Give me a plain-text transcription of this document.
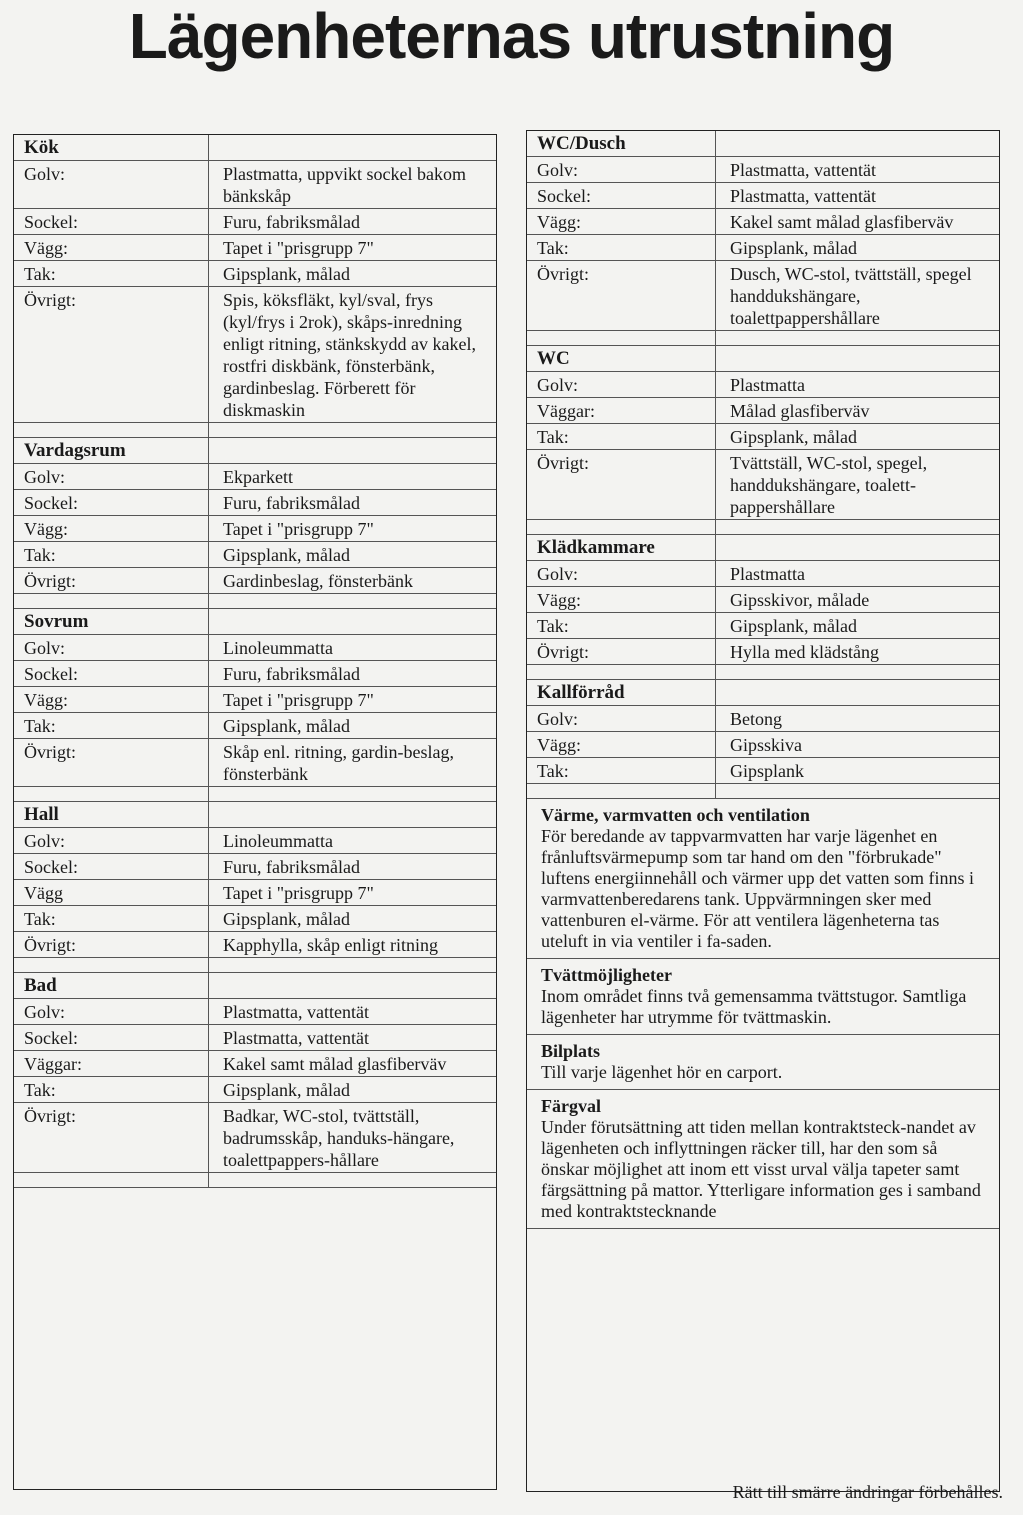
Lägenheternas utrustning
Kök	
Golv:	Plastmatta, uppvikt sockel bakom bänkskåp
Sockel:	Furu, fabriksmålad
Vägg:	Tapet i "prisgrupp 7"
Tak:	Gipsplank, målad
Övrigt:	Spis, köksfläkt, kyl/sval, frys (kyl/frys i 2rok), skåps-inredning enligt ritning, stänkskydd av kakel, rostfri diskbänk, fönsterbänk, gardinbeslag. Förberett för diskmaskin

Vardagsrum	
Golv:	Ekparkett
Sockel:	Furu, fabriksmålad
Vägg:	Tapet i "prisgrupp 7"
Tak:	Gipsplank, målad
Övrigt:	Gardinbeslag, fönsterbänk

Sovrum	
Golv:	Linoleummatta
Sockel:	Furu, fabriksmålad
Vägg:	Tapet i "prisgrupp 7"
Tak:	Gipsplank, målad
Övrigt:	Skåp enl. ritning, gardin-beslag, fönsterbänk

Hall	
Golv:	Linoleummatta
Sockel:	Furu, fabriksmålad
Vägg	Tapet i "prisgrupp 7"
Tak:	Gipsplank, målad
Övrigt:	Kapphylla, skåp enligt ritning

Bad	
Golv:	Plastmatta, vattentät
Sockel:	Plastmatta, vattentät
Väggar:	Kakel samt målad glasfiberväv
Tak:	Gipsplank, målad
Övrigt:	Badkar, WC-stol, tvättställ, badrumsskåp, handuks-hängare, toalettpappers-hållare

WC/Dusch	
Golv:	Plastmatta, vattentät
Sockel:	Plastmatta, vattentät
Vägg:	Kakel samt målad glasfiberväv
Tak:	Gipsplank, målad
Övrigt:	Dusch, WC-stol, tvättställ, spegel handdukshängare, toalettpappershållare

WC	
Golv:	Plastmatta
Väggar:	Målad glasfiberväv
Tak:	Gipsplank, målad
Övrigt:	Tvättställ, WC-stol, spegel, handdukshängare, toalett-pappershållare

Klädkammare	
Golv:	Plastmatta
Vägg:	Gipsskivor, målade
Tak:	Gipsplank, målad
Övrigt:	Hylla med klädstång

Kallförråd	
Golv:	Betong
Vägg:	Gipsskiva
Tak:	Gipsplank

Värme, varmvatten och ventilation
För beredande av tappvarmvatten har varje lägenhet en frånluftsvärmepump som tar hand om den "förbrukade" luftens energiinnehåll och värmer upp det vatten som finns i varmvattenberedarens tank. Uppvärmningen sker med vattenburen el-värme. För att ventilera lägenheterna tas uteluft in via ventiler i fa-saden.
Tvättmöjligheter
Inom området finns två gemensamma tvättstugor. Samtliga lägenheter har utrymme för tvättmaskin.
Bilplats
Till varje lägenhet hör en carport.
Färgval
Under förutsättning att tiden mellan kontraktsteck-nandet av lägenheten och inflyttningen räcker till, har den som så önskar möjlighet att inom ett visst urval välja tapeter samt färgsättning på mattor. Ytterligare information ges i samband med kontraktstecknande
Rätt till smärre ändringar förbehålles.
